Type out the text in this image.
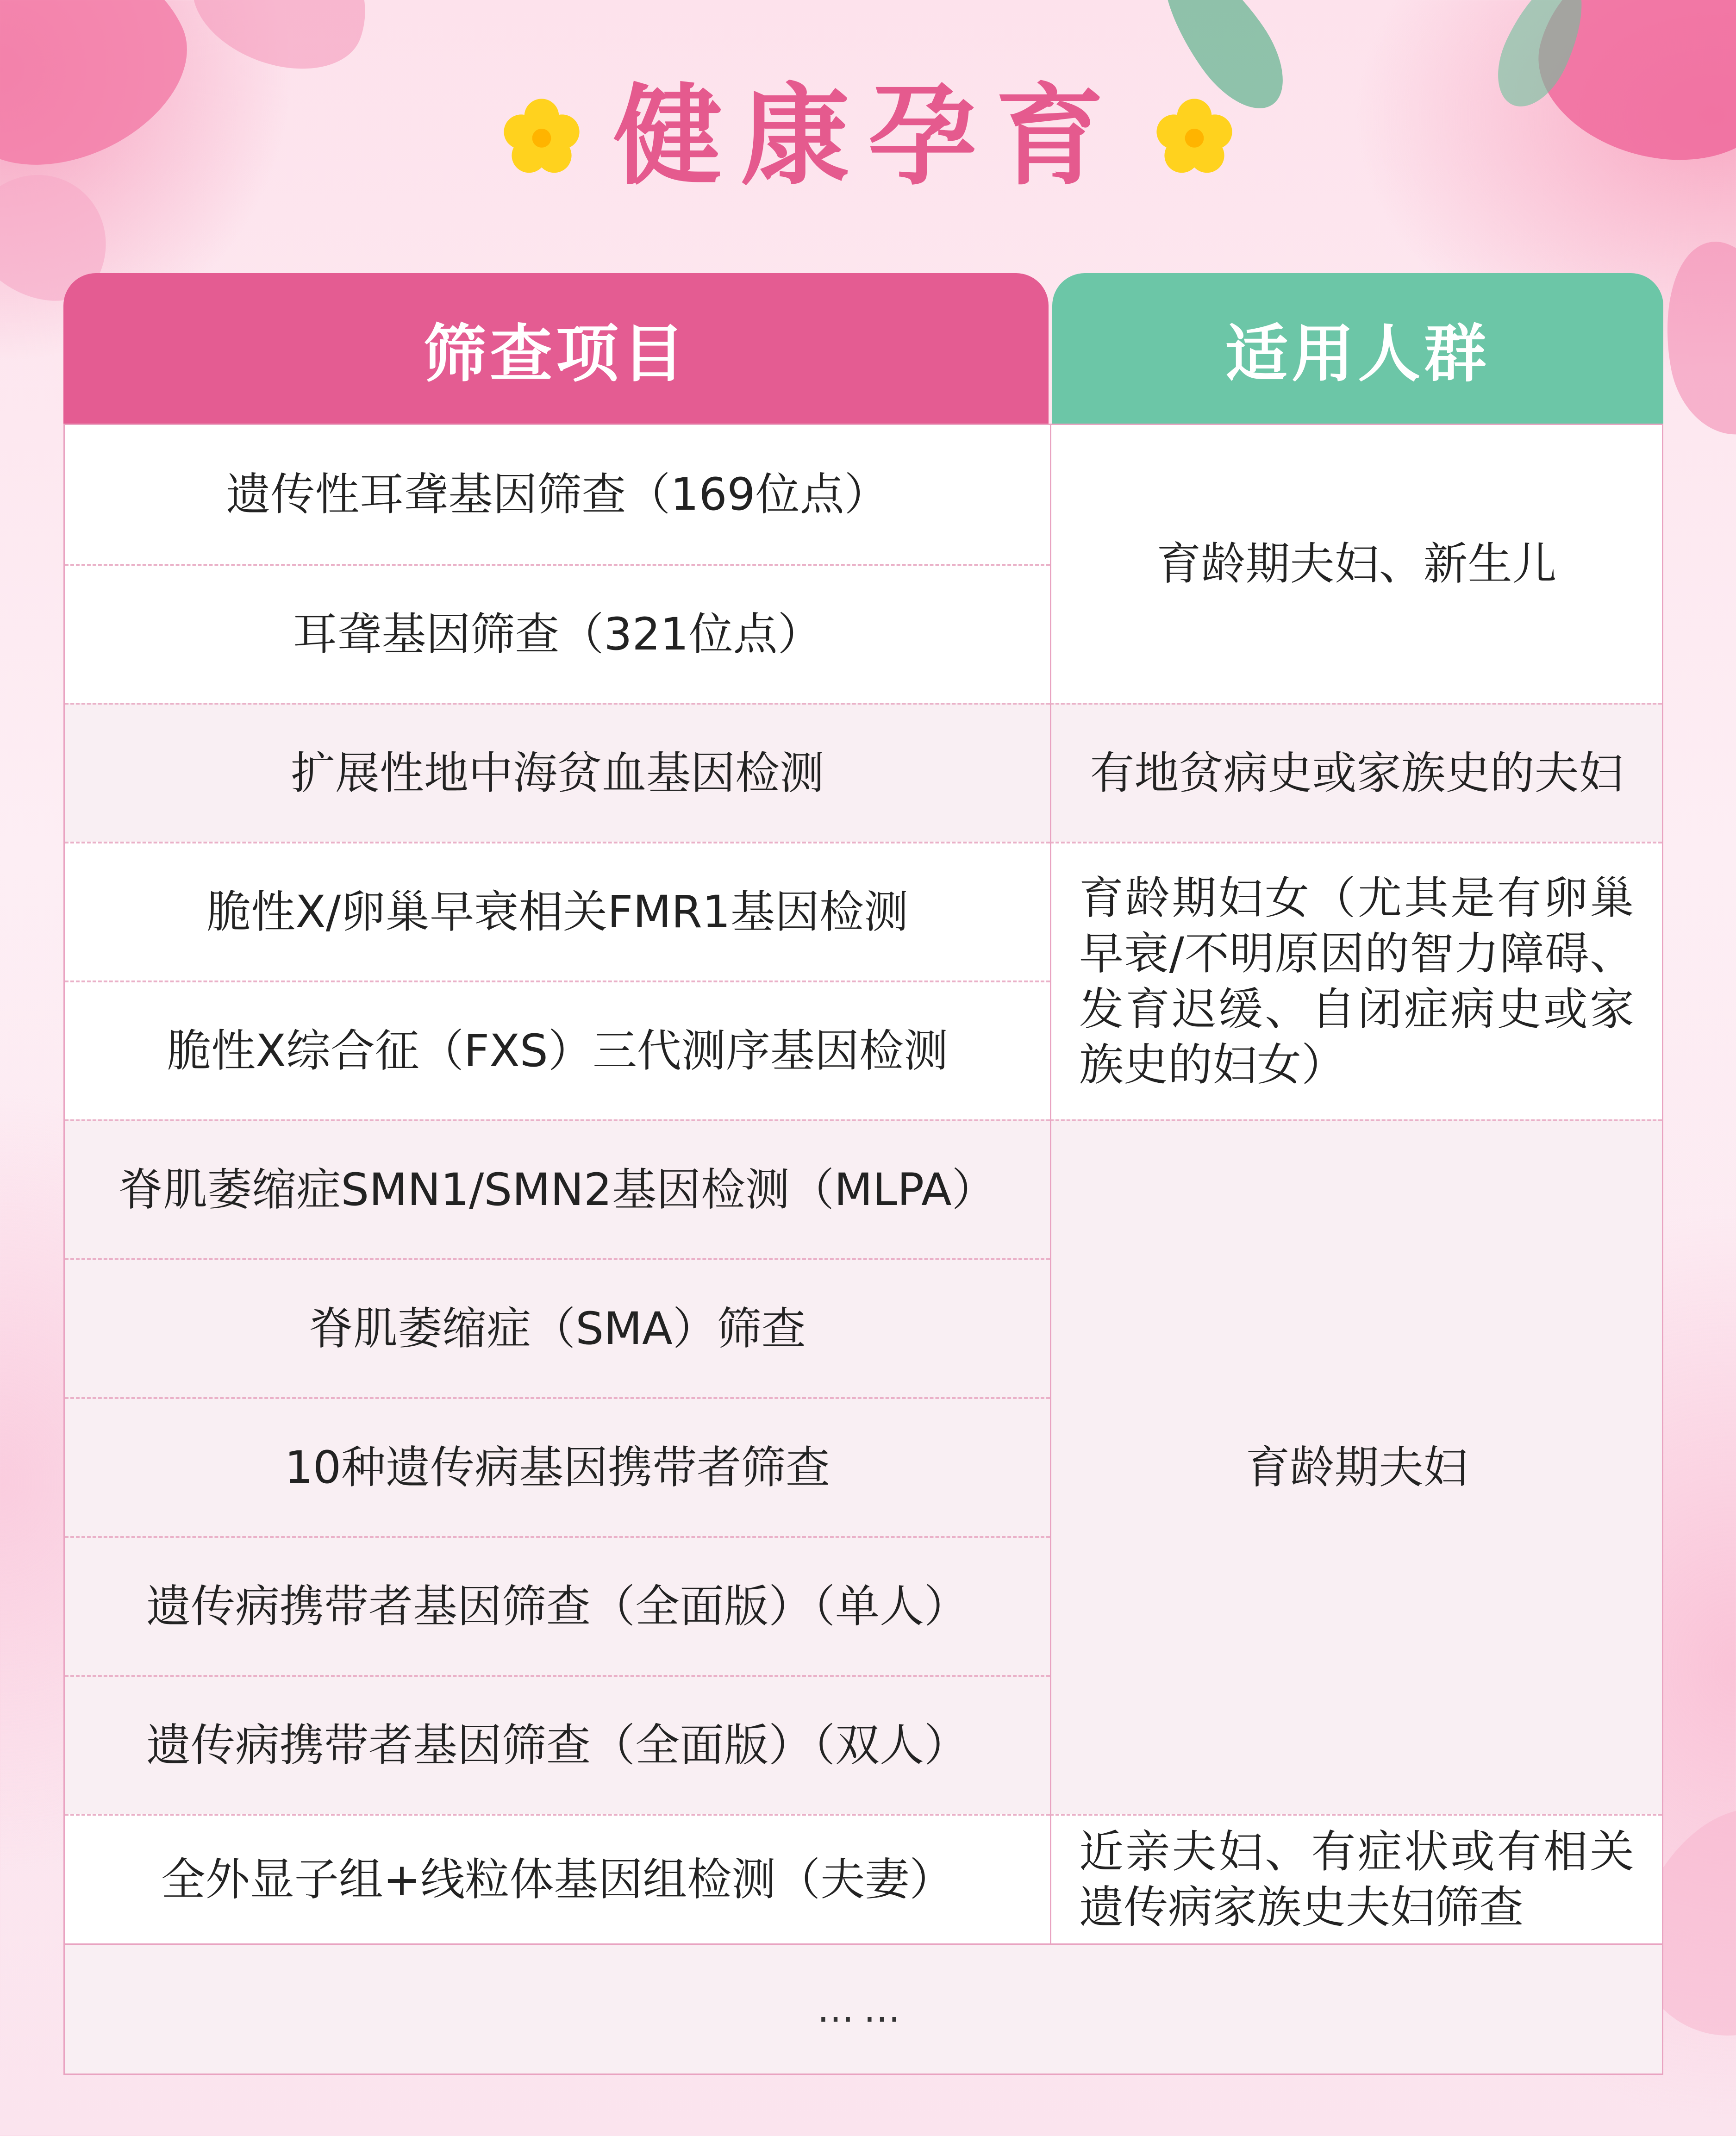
健康孕育
筛查项目	适用人群
遗传性耳聋基因筛查（169位点）
耳聋基因筛查（321位点）
扩展性地中海贫血基因检测
脆性X/卵巢早衰相关FMR1基因检测
脆性X综合征（FXS）三代测序基因检测
脊肌萎缩症SMN1/SMN2基因检测（MLPA）
脊肌萎缩症（SMA）筛查
10种遗传病基因携带者筛查
遗传病携带者基因筛查（全面版）（单人）
遗传病携带者基因筛查（全面版）（双人）
全外显子组+线粒体基因组检测（夫妻）
育龄期夫妇、新生儿
有地贫病史或家族史的夫妇
育龄期妇女（尤其是有卵巢早衰/不明原因的智力障碍、发育迟缓、自闭症病史或家族史的妇女）
育龄期夫妇
近亲夫妇、有症状或有相关遗传病家族史夫妇筛查
……
